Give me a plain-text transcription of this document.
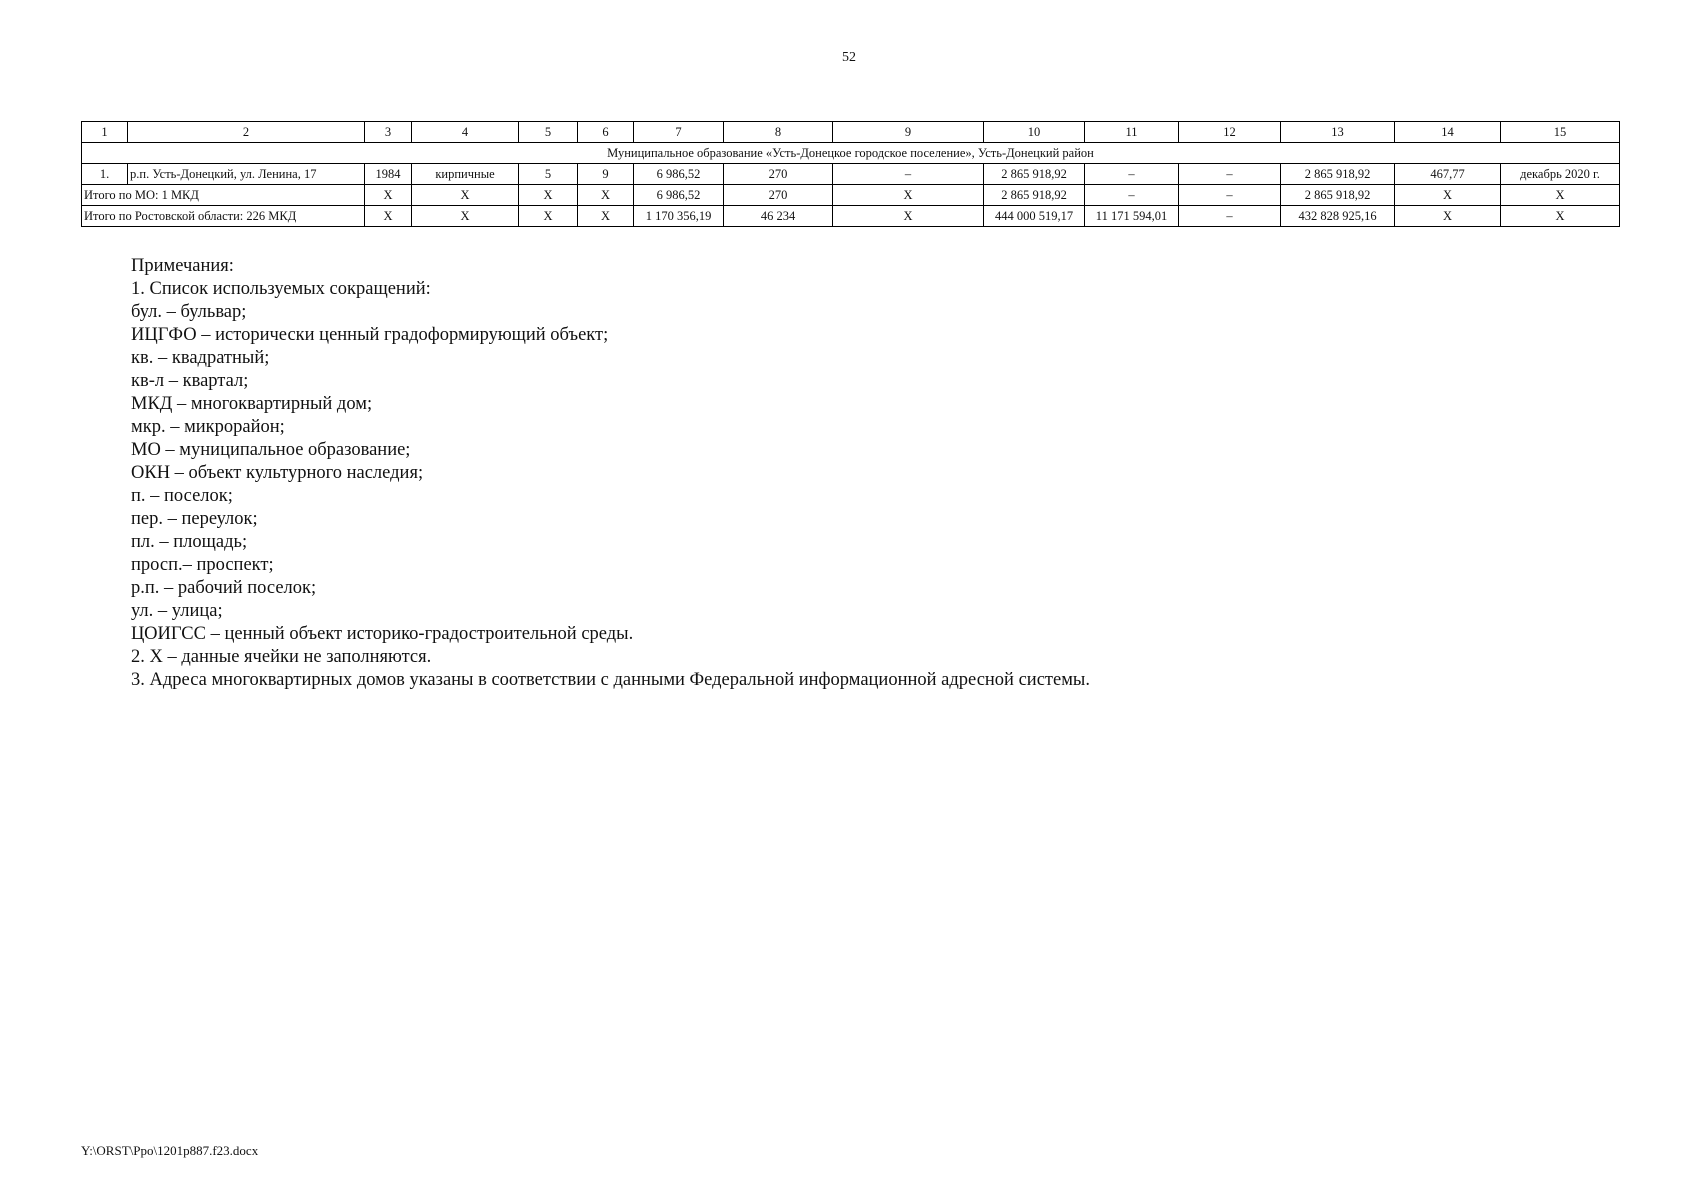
52
1	2	3	4	5	6	7	8	9	10	11	12	13	14	15
Муниципальное образование «Усть-Донецкое городское поселение», Усть-Донецкий район														
1.	р.п. Усть-Донецкий, ул. Ленина, 17	1984	кирпичные	5	9	6 986,52	270	–	2 865 918,92	–	–	2 865 918,92	467,77	декабрь 2020 г.
Итого по МО: 1 МКД		X	X	X	X	6 986,52	270	X	2 865 918,92	–	–	2 865 918,92	X	X
Итого по Ростовской области: 226 МКД		X	X	X	X	1 170 356,19	46 234	X	444 000 519,17	11 171 594,01	–	432 828 925,16	X	X
Примечания:
1. Список используемых сокращений:
бул. – бульвар;
ИЦГФО – исторически ценный градоформирующий объект;
кв. – квадратный;
кв-л – квартал;
МКД – многоквартирный дом;
мкр. – микрорайон;
МО – муниципальное образование;
ОКН – объект культурного наследия;
п. – поселок;
пер. – переулок;
пл. – площадь;
просп.– проспект;
р.п. – рабочий поселок;
ул. – улица;
ЦОИГСС – ценный объект историко-градостроительной среды.
2. X – данные ячейки не заполняются.
3. Адреса многоквартирных домов указаны в соответствии с данными Федеральной информационной адресной системы.
Y:\ORST\Ppo\1201p887.f23.docx
